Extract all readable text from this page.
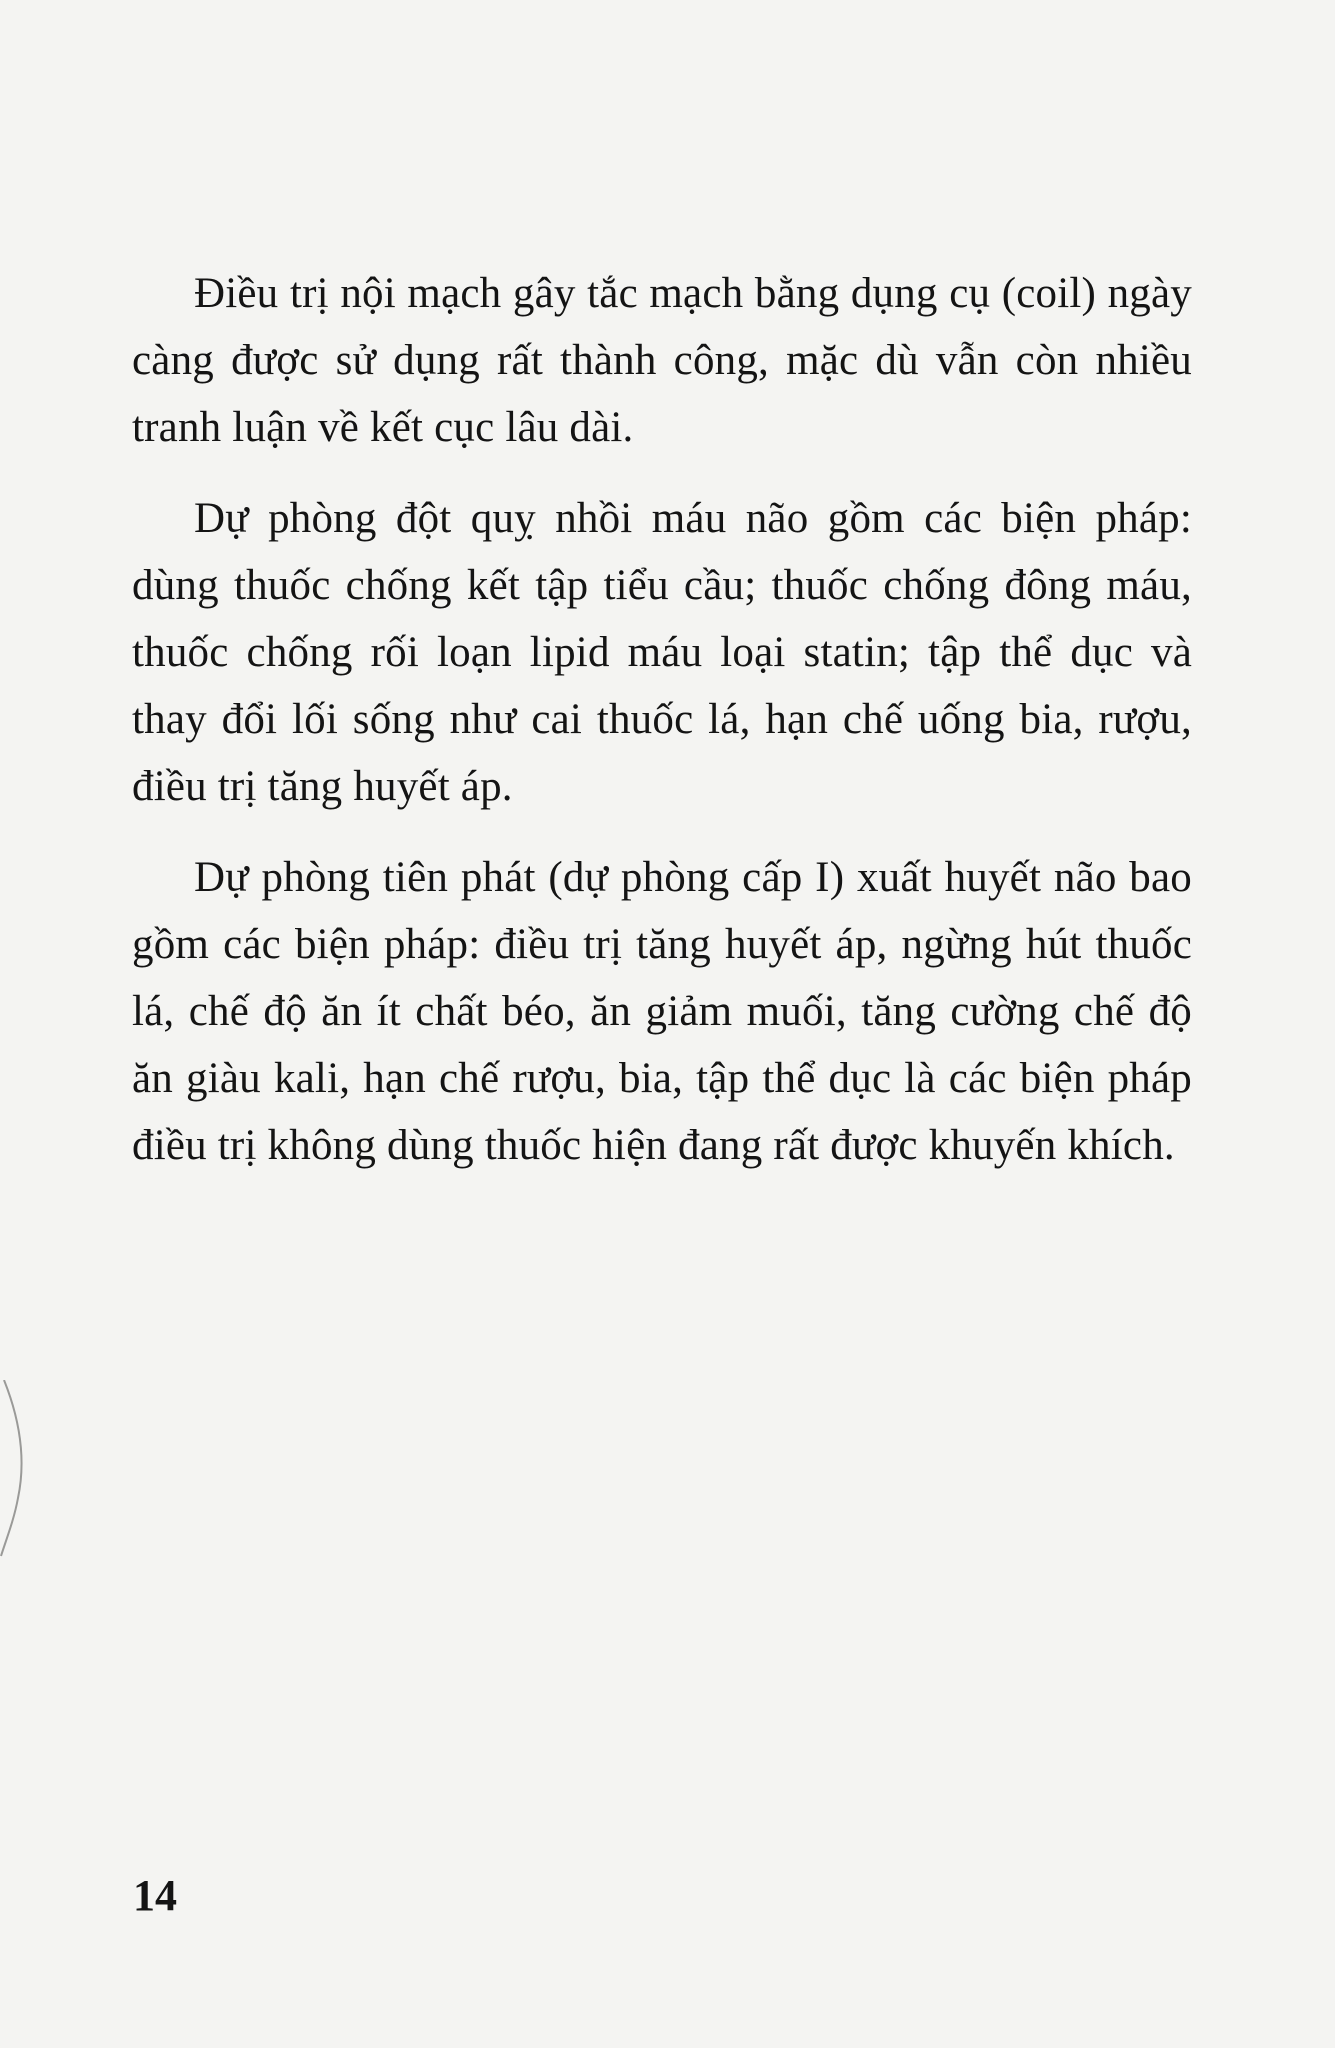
Điều trị nội mạch gây tắc mạch bằng dụng cụ (coil) ngày càng được sử dụng rất thành công, mặc dù vẫn còn nhiều tranh luận về kết cục lâu dài.

Dự phòng đột quỵ nhồi máu não gồm các biện pháp: dùng thuốc chống kết tập tiểu cầu; thuốc chống đông máu, thuốc chống rối loạn lipid máu loại statin; tập thể dục và thay đổi lối sống như cai thuốc lá, hạn chế uống bia, rượu, điều trị tăng huyết áp.

Dự phòng tiên phát (dự phòng cấp I) xuất huyết não bao gồm các biện pháp: điều trị tăng huyết áp, ngừng hút thuốc lá, chế độ ăn ít chất béo, ăn giảm muối, tăng cường chế độ ăn giàu kali, hạn chế rượu, bia, tập thể dục là các biện pháp điều trị không dùng thuốc hiện đang rất được khuyến khích.

14
